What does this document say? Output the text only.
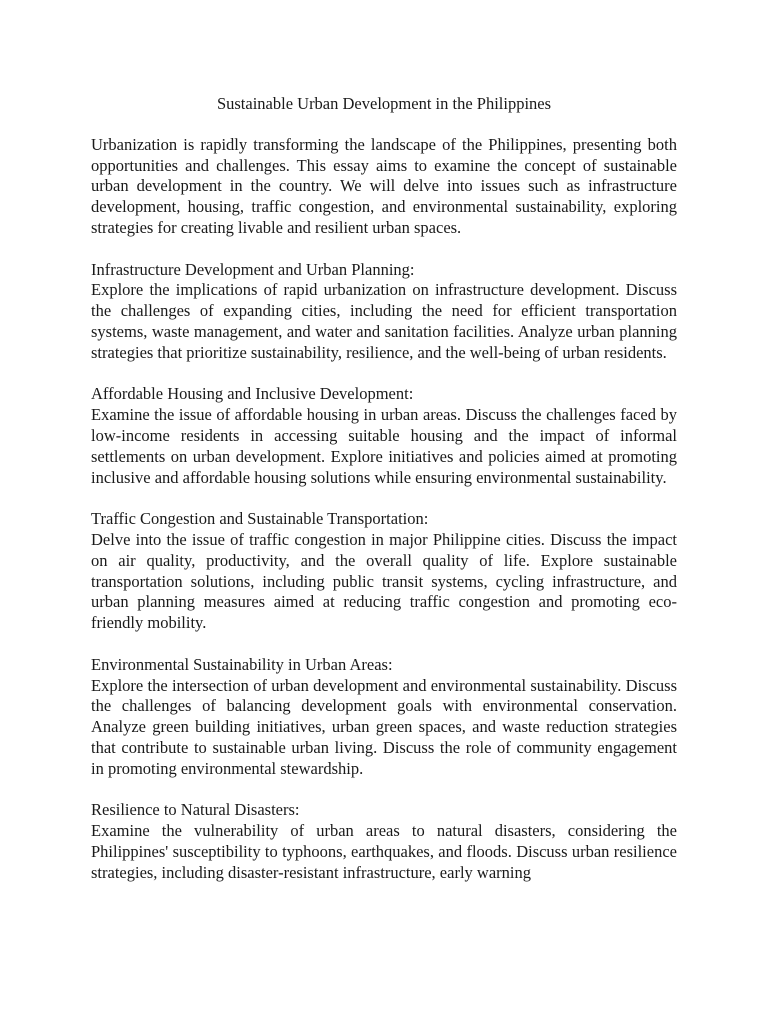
Sustainable Urban Development in the Philippines

Urbanization is rapidly transforming the landscape of the Philippines, presenting both opportunities and challenges. This essay aims to examine the concept of sustainable urban development in the country. We will delve into issues such as infrastructure development, housing, traffic congestion, and environmental sustainability, exploring strategies for creating livable and resilient urban spaces.

Infrastructure Development and Urban Planning:

Explore the implications of rapid urbanization on infrastructure development. Discuss the challenges of expanding cities, including the need for efficient transportation systems, waste management, and water and sanitation facilities. Analyze urban planning strategies that prioritize sustainability, resilience, and the well-being of urban residents.

Affordable Housing and Inclusive Development:

Examine the issue of affordable housing in urban areas. Discuss the challenges faced by low-income residents in accessing suitable housing and the impact of informal settlements on urban development. Explore initiatives and policies aimed at promoting inclusive and affordable housing solutions while ensuring environmental sustainability.

Traffic Congestion and Sustainable Transportation:

Delve into the issue of traffic congestion in major Philippine cities. Discuss the impact on air quality, productivity, and the overall quality of life. Explore sustainable transportation solutions, including public transit systems, cycling infrastructure, and urban planning measures aimed at reducing traffic congestion and promoting eco-friendly mobility.

Environmental Sustainability in Urban Areas:

Explore the intersection of urban development and environmental sustainability. Discuss the challenges of balancing development goals with environmental conservation. Analyze green building initiatives, urban green spaces, and waste reduction strategies that contribute to sustainable urban living. Discuss the role of community engagement in promoting environmental stewardship.

Resilience to Natural Disasters:

Examine the vulnerability of urban areas to natural disasters, considering the Philippines' susceptibility to typhoons, earthquakes, and floods. Discuss urban resilience strategies, including disaster-resistant infrastructure, early warning
